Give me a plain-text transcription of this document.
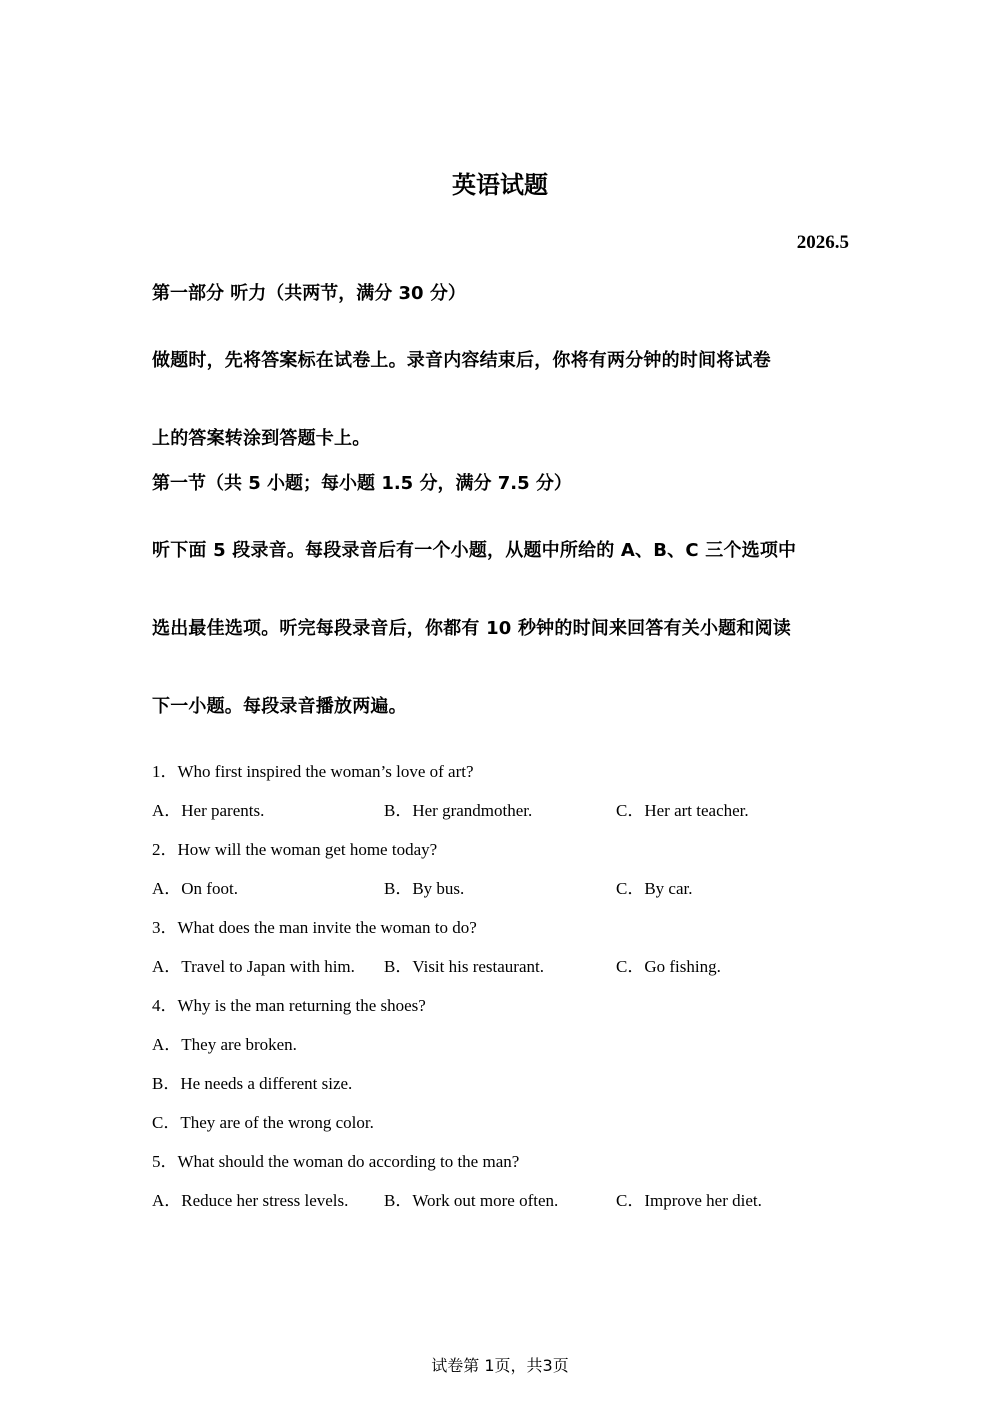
英语试题
2026.5
第一部分 听力（共两节，满分 30 分）
做题时，先将答案标在试卷上。录音内容结束后，你将有两分钟的时间将试卷
上的答案转涂到答题卡上。
第一节（共 5 小题；每小题 1.5 分，满分 7.5 分）
听下面 5 段录音。每段录音后有一个小题，从题中所给的 A、B、C 三个选项中
选出最佳选项。听完每段录音后，你都有 10 秒钟的时间来回答有关小题和阅读
下一小题。每段录音播放两遍。
1．Who first inspired the woman’s love of art?
A．Her parents.	B．Her grandmother.	C．Her art teacher.
2．How will the woman get home today?
A．On foot.	B．By bus.	C．By car.
3．What does the man invite the woman to do?
A．Travel to Japan with him.	B．Visit his restaurant.	C．Go fishing.
4．Why is the man returning the shoes?
A．They are broken.
B．He needs a different size.
C．They are of the wrong color.
5．What should the woman do according to the man?
A．Reduce her stress levels.	B．Work out more often.	C．Improve her diet.
试卷第 1页，共3页
